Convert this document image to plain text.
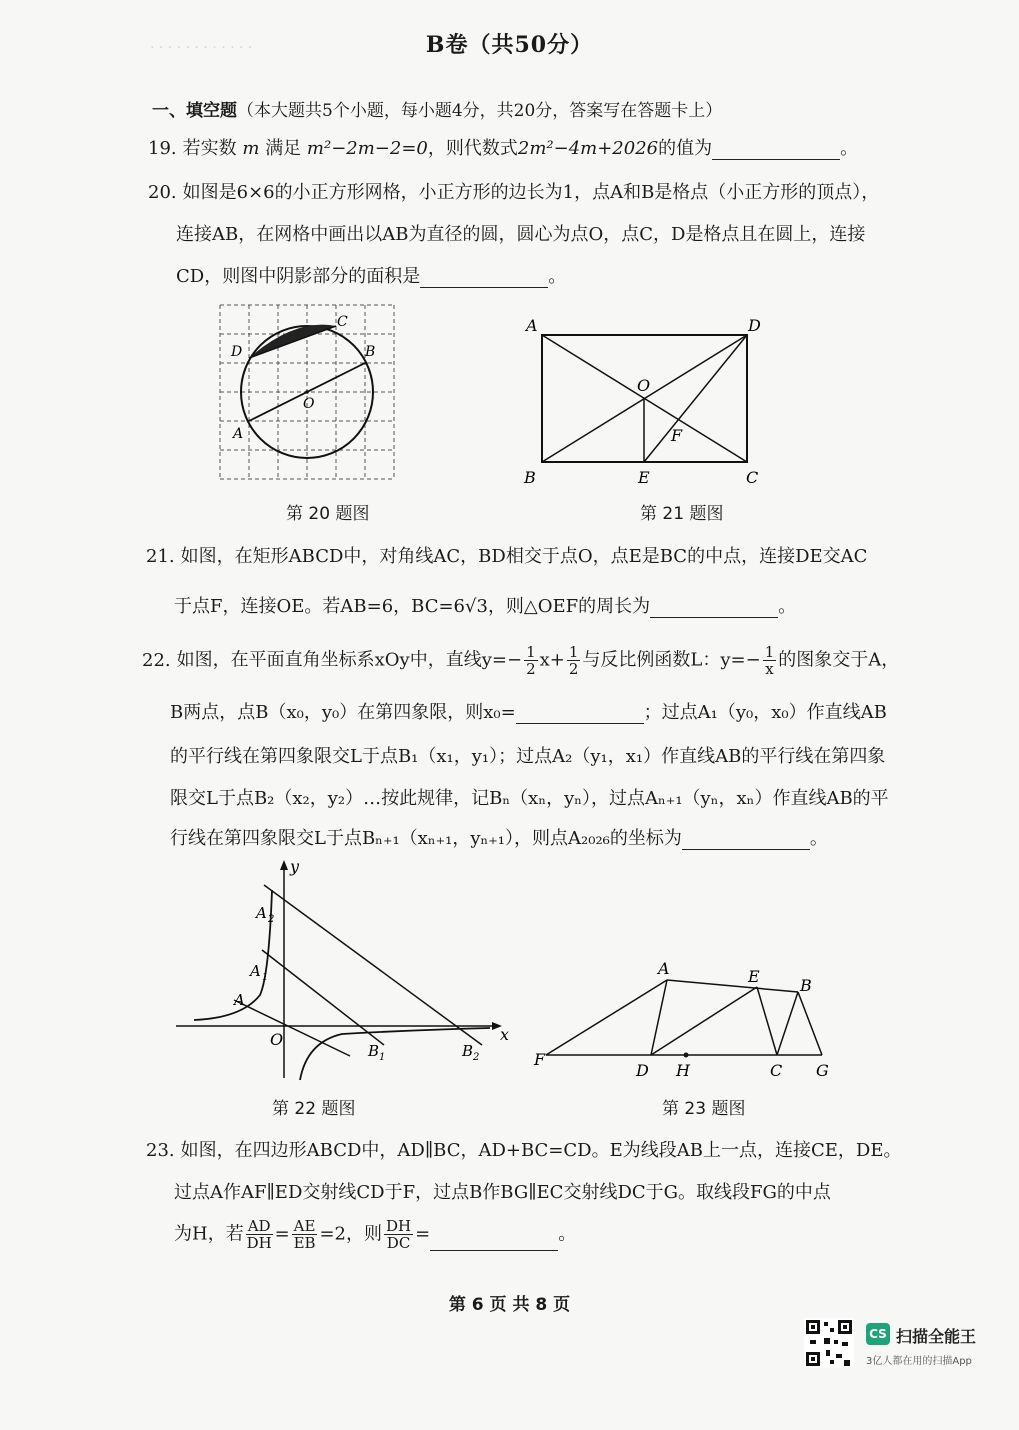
· · · · · · · · · · · ·	B卷（共50分）
一、填空题（本大题共5个小题，每小题4分，共20分，答案写在答题卡上）
19. 若实数 m 满足 m²−2m−2=0，则代数式2m²−4m+2026的值为	。
20. 如图是6×6的小正方形网格，小正方形的边长为1，点A和B是格点（小正方形的顶点），
连接AB，在网格中画出以AB为直径的圆，圆心为点O，点C，D是格点且在圆上，连接
CD，则图中阴影部分的面积是	。
D
C
B
O
A
第 20 题图
A	D
O
F
B	E	C
第 21 题图
21. 如图，在矩形ABCD中，对角线AC，BD相交于点O，点E是BC的中点，连接DE交AC
于点F，连接OE。若AB=6，BC=6√3，则△OEF的周长为	。
22. 如图，在平面直角坐标系xOy中，直线$y=- \frac{1}{2} x+ \frac{1}{2}$ 与反比例函数L：$y=- \frac{1}{x}$ 的图象交于A，
B两点，点B（x₀，y₀）在第四象限，则x₀=	；过点A₁（y₀，x₀）作直线AB
的平行线在第四象限交L于点B₁（x₁，y₁）；过点A₂（y₁，x₁）作直线AB的平行线在第四象
限交L于点B₂（x₂，y₂）…按此规律，记Bₙ（xₙ，yₙ），过点Aₙ₊₁（yₙ，xₙ）作直线AB的平
行线在第四象限交L于点Bₙ₊₁（xₙ₊₁，yₙ₊₁），则点A₂₀₂₆的坐标为	。
y
x
O
A
A 1
A 2
B 1	B 2
第 22 题图
A	E	B
F
D H	C G
第 23 题图
23. 如图，在四边形ABCD中，AD∥BC，AD+BC=CD。E为线段AB上一点，连接CE，DE。
过点A作AF∥ED交射线CD于F，过点B作BG∥EC交射线DC于G。取线段FG的中点
为H，若 $\frac{AD}{DH} = \frac{AE}{EB} =2$，则 $\frac{DH}{DC}$ =	。
第 6 页 共 8 页
CS 扫描全能王
3亿人都在用的扫描App
